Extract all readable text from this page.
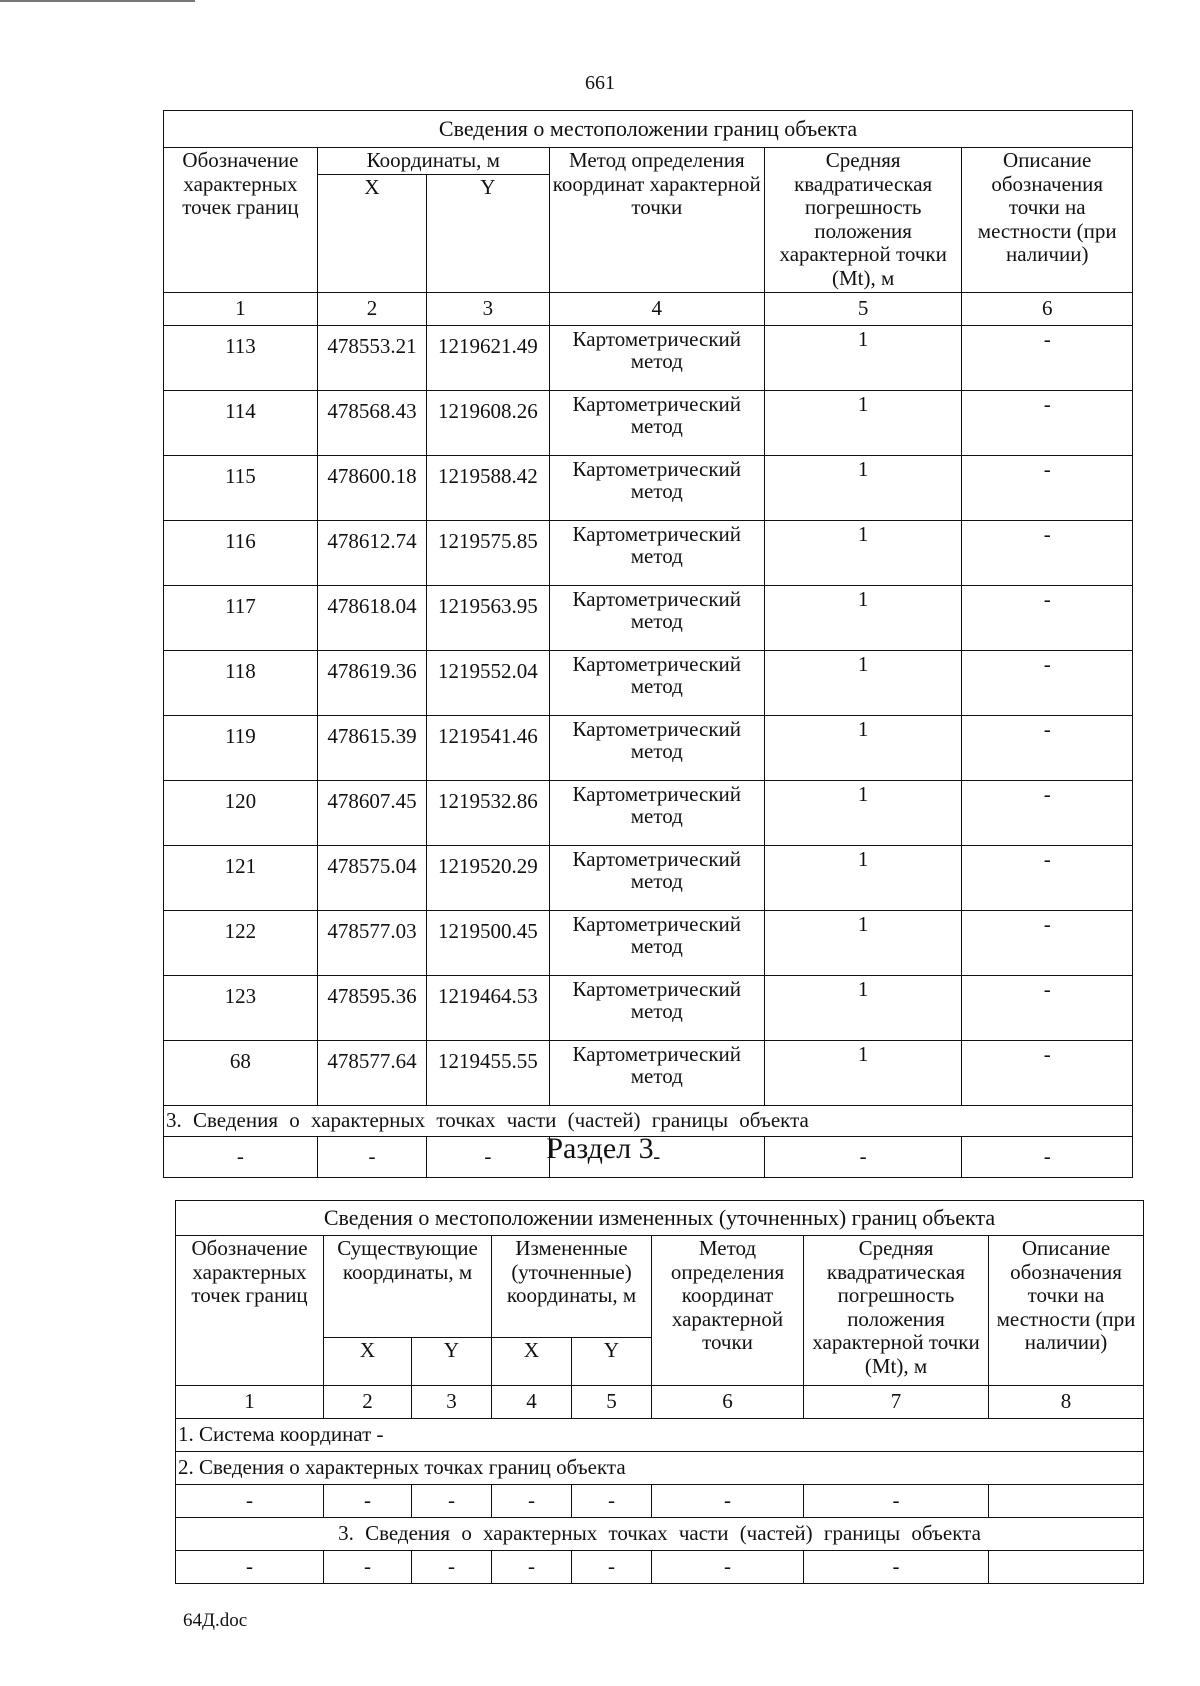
661
Сведения о местоположении границ объекта					
Обозначение характерных точек границ	Координаты, м		Метод определения координат характерной точки	Средняя квадратическая погрешность положения характерной точки (Mt), м	Описание обозначения точки на местности (при наличии)
	X	Y			
1	2	3	4	5	6
113	478553.21	1219621.49	Картометрический метод	1	-
114	478568.43	1219608.26	Картометрический метод	1	-
115	478600.18	1219588.42	Картометрический метод	1	-
116	478612.74	1219575.85	Картометрический метод	1	-
117	478618.04	1219563.95	Картометрический метод	1	-
118	478619.36	1219552.04	Картометрический метод	1	-
119	478615.39	1219541.46	Картометрический метод	1	-
120	478607.45	1219532.86	Картометрический метод	1	-
121	478575.04	1219520.29	Картометрический метод	1	-
122	478577.03	1219500.45	Картометрический метод	1	-
123	478595.36	1219464.53	Картометрический метод	1	-
68	478577.64	1219455.55	Картометрический метод	1	-
3. Сведения о характерных точках части (частей) границы объекта					
-	-	-	-	-	-
Раздел 3
Сведения о местоположении измененных (уточненных) границ объекта							
Обозначение характерных точек границ	Существующие координаты, м		Измененные (уточненные) координаты, м		Метод определения координат характерной точки	Средняя квадратическая погрешность положения характерной точки (Mt), м	Описание обозначения точки на местности (при наличии)
	X	Y	X	Y			
1	2	3	4	5	6	7	8
1. Система координат -							
2. Сведения о характерных точках границ объекта							
-	-	-	-	-	-	-	
3. Сведения о характерных точках части (частей) границы объекта							
-	-	-	-	-	-	-	
64Д.doc
